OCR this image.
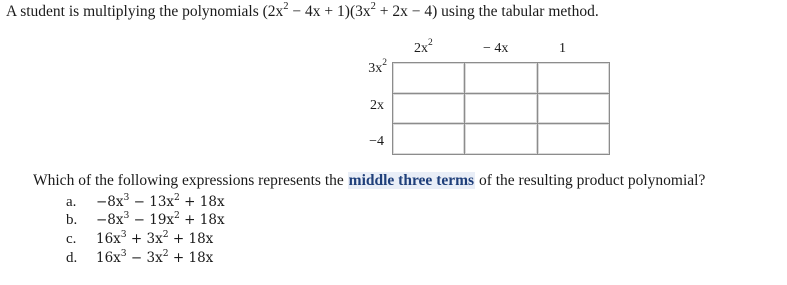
A student is multiplying the polynomials $(2x^2 - 4x + 1)(3x^2 + 2x - 4)$ using the tabular method.
$2x^2$	− 4x	1
$3x^2$
2x
−4

Which of the following expressions represents the middle three terms of the resulting product polynomial?
a. $-8x^3 - 13x^2 + 18x$
b. $-8x^3 - 19x^2 + 18x$
c. $16x^3 + 3x^2 + 18x$
d. $16x^3 - 3x^2 + 18x$
